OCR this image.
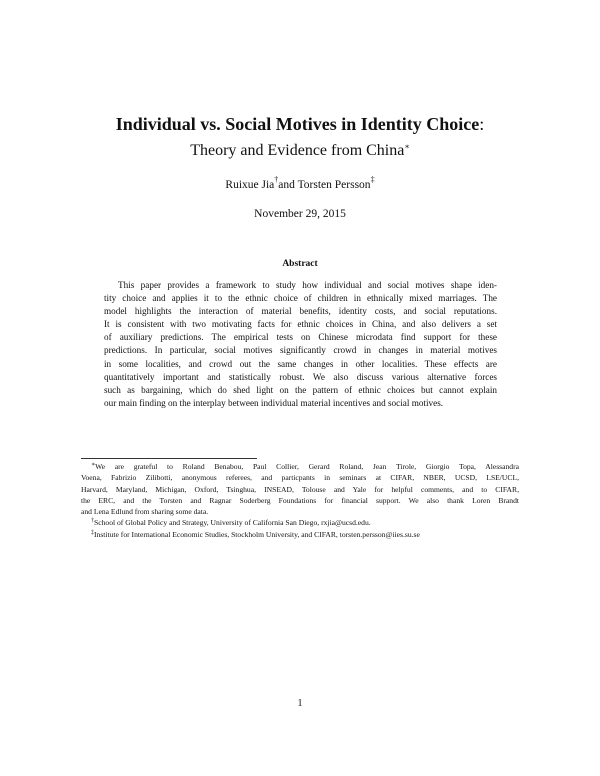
Individual vs. Social Motives in Identity Choice:
Theory and Evidence from China∗
Ruixue Jia†and Torsten Persson‡
November 29, 2015
Abstract
This paper provides a framework to study how individual and social motives shape iden-
tity choice and applies it to the ethnic choice of children in ethnically mixed marriages. The
model highlights the interaction of material benefits, identity costs, and social reputations.
It is consistent with two motivating facts for ethnic choices in China, and also delivers a set
of auxiliary predictions. The empirical tests on Chinese microdata find support for these
predictions. In particular, social motives significantly crowd in changes in material motives
in some localities, and crowd out the same changes in other localities. These effects are
quantitatively important and statistically robust. We also discuss various alternative forces
such as bargaining, which do shed light on the pattern of ethnic choices but cannot explain
our main finding on the interplay between individual material incentives and social motives.
∗We are grateful to Roland Benabou, Paul Collier, Gerard Roland, Jean Tirole, Giorgio Topa, Alessandra
Voena, Fabrizio Zilibotti, anonymous referees, and particpants in seminars at CIFAR, NBER, UCSD, LSE/UCL,
Harvard, Maryland, Michigan, Oxford, Tsinghua, INSEAD, Tolouse and Yale for helpful comments, and to CIFAR,
the ERC, and the Torsten and Ragnar Soderberg Foundations for financial support. We also thank Loren Brandt
and Lena Edlund from sharing some data.
†School of Global Policy and Strategy, University of California San Diego, rxjia@ucsd.edu.
‡Institute for International Economic Studies, Stockholm University, and CIFAR, torsten.persson@iies.su.se
1
